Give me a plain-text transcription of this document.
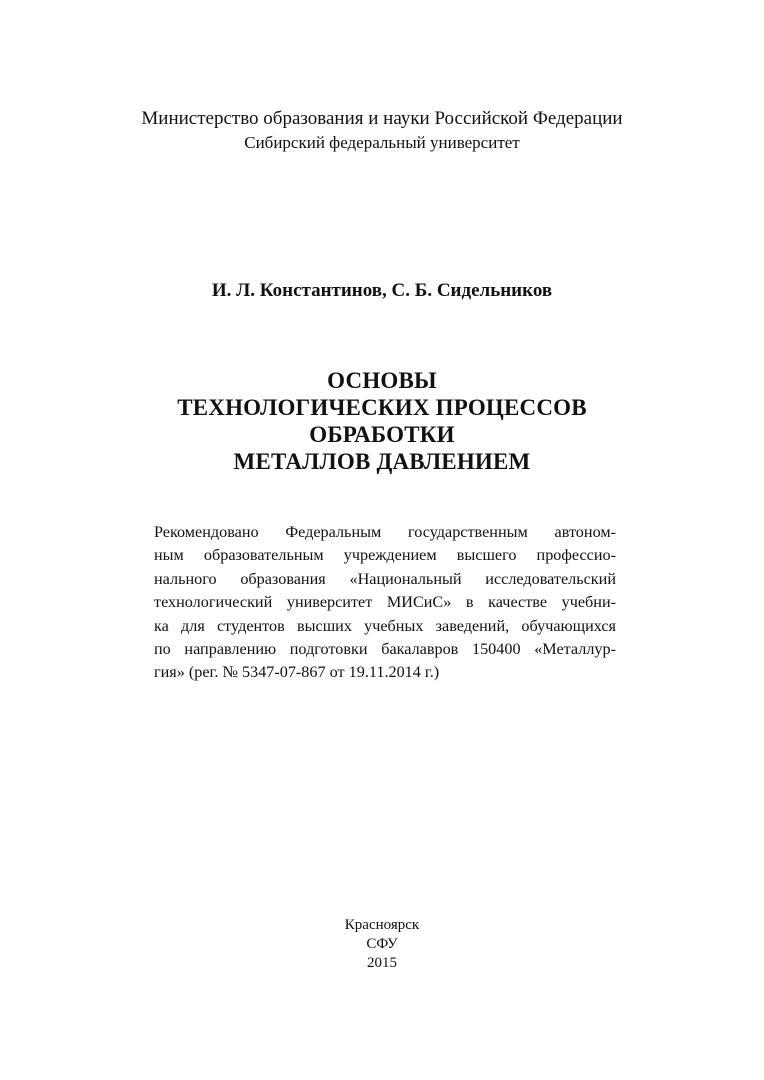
Министерство образования и науки Российской Федерации
Сибирский федеральный университет
И. Л. Константинов, С. Б. Сидельников
ОСНОВЫ
ТЕХНОЛОГИЧЕСКИХ ПРОЦЕССОВ
ОБРАБОТКИ
МЕТАЛЛОВ ДАВЛЕНИЕМ
Рекомендовано Федеральным государственным автоном-
ным образовательным учреждением высшего профессио-
нального образования «Национальный исследовательский
технологический университет МИСиС» в качестве учебни-
ка для студентов высших учебных заведений, обучающихся
по направлению подготовки бакалавров 150400 «Металлур-
гия» (рег. № 5347-07-867 от 19.11.2014 г.)
Красноярск
СФУ
2015
